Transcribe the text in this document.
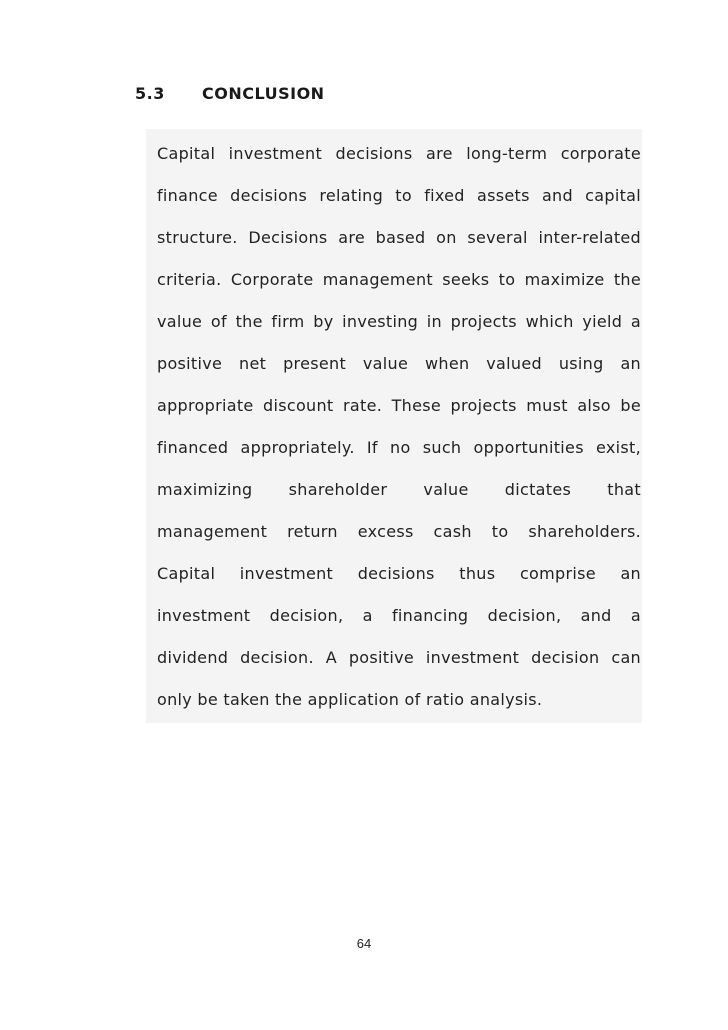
5.3 CONCLUSION
Capital investment decisions are long-term corporate
finance decisions relating to fixed assets and capital
structure. Decisions are based on several inter-related
criteria. Corporate management seeks to maximize the
value of the firm by investing in projects which yield a
positive net present value when valued using an
appropriate discount rate. These projects must also be
financed appropriately. If no such opportunities exist,
maximizing shareholder value dictates that
management return excess cash to shareholders.
Capital investment decisions thus comprise an
investment decision, a financing decision, and a
dividend decision. A positive investment decision can
only be taken the application of ratio analysis.
64
